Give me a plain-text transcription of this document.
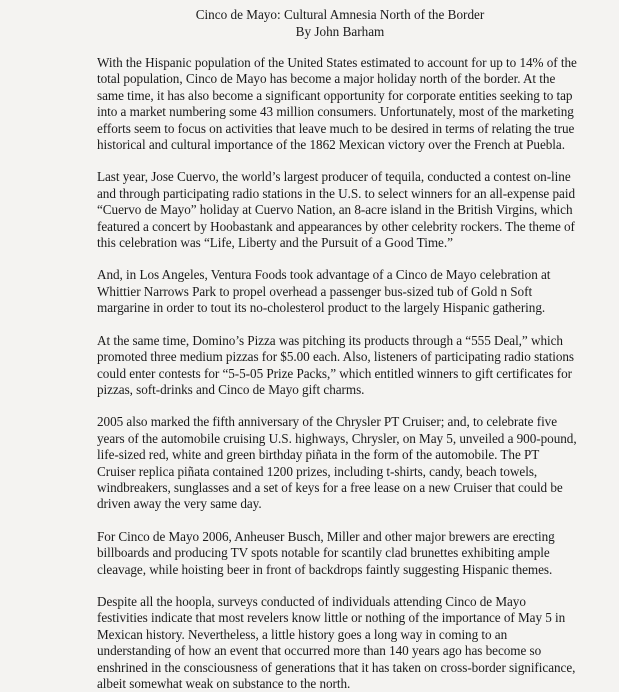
Cinco de Mayo: Cultural Amnesia North of the Border

By John Barham

With the Hispanic population of the United States estimated to account for up to 14% of the total population, Cinco de Mayo has become a major holiday north of the border. At the same time, it has also become a significant opportunity for corporate entities seeking to tap into a market numbering some 43 million consumers. Unfortunately, most of the marketing efforts seem to focus on activities that leave much to be desired in terms of relating the true historical and cultural importance of the 1862 Mexican victory over the French at Puebla.

Last year, Jose Cuervo, the world’s largest producer of tequila, conducted a contest on-line and through participating radio stations in the U.S. to select winners for an all-expense paid “Cuervo de Mayo” holiday at Cuervo Nation, an 8-acre island in the British Virgins, which featured a concert by Hoobastank and appearances by other celebrity rockers. The theme of this celebration was “Life, Liberty and the Pursuit of a Good Time.”

And, in Los Angeles, Ventura Foods took advantage of a Cinco de Mayo celebration at Whittier Narrows Park to propel overhead a passenger bus-sized tub of Gold n Soft margarine in order to tout its no-cholesterol product to the largely Hispanic gathering.

At the same time, Domino’s Pizza was pitching its products through a “555 Deal,” which promoted three medium pizzas for $5.00 each. Also, listeners of participating radio stations could enter contests for “5-5-05 Prize Packs,” which entitled winners to gift certificates for pizzas, soft-drinks and Cinco de Mayo gift charms.

2005 also marked the fifth anniversary of the Chrysler PT Cruiser; and, to celebrate five years of the automobile cruising U.S. highways, Chrysler, on May 5, unveiled a 900-pound, life-sized red, white and green birthday piñata in the form of the automobile. The PT Cruiser replica piñata contained 1200 prizes, including t-shirts, candy, beach towels, windbreakers, sunglasses and a set of keys for a free lease on a new Cruiser that could be driven away the very same day.

For Cinco de Mayo 2006, Anheuser Busch, Miller and other major brewers are erecting billboards and producing TV spots notable for scantily clad brunettes exhibiting ample cleavage, while hoisting beer in front of backdrops faintly suggesting Hispanic themes.

Despite all the hoopla, surveys conducted of individuals attending Cinco de Mayo festivities indicate that most revelers know little or nothing of the importance of May 5 in Mexican history. Nevertheless, a little history goes a long way in coming to an understanding of how an event that occurred more than 140 years ago has become so enshrined in the consciousness of generations that it has taken on cross-border significance, albeit somewhat weak on substance to the north.
